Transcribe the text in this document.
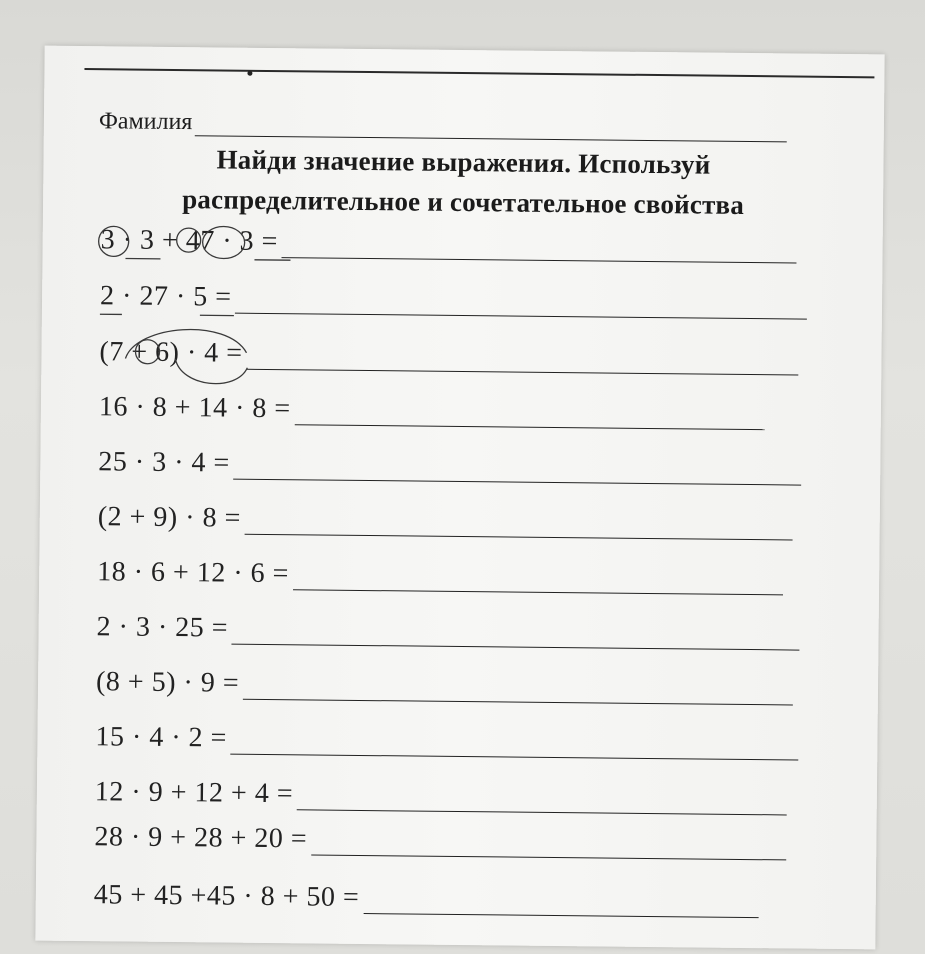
Фамилия
Найди значение выражения. Используй
распределительное и сочетательное свойства
3 · 3 + 47 · 3 =
2 · 27 · 5 =
(7 + 6) · 4 =
16 · 8 + 14 · 8 =
25 · 3 · 4 =
(2 + 9) · 8 =
18 · 6 + 12 · 6 =
2 · 3 · 25 =
(8 + 5) · 9 =
15 · 4 · 2 =
12 · 9 + 12 + 4 =
28 · 9 + 28 + 20 =
45 + 45 +45 · 8 + 50 =
